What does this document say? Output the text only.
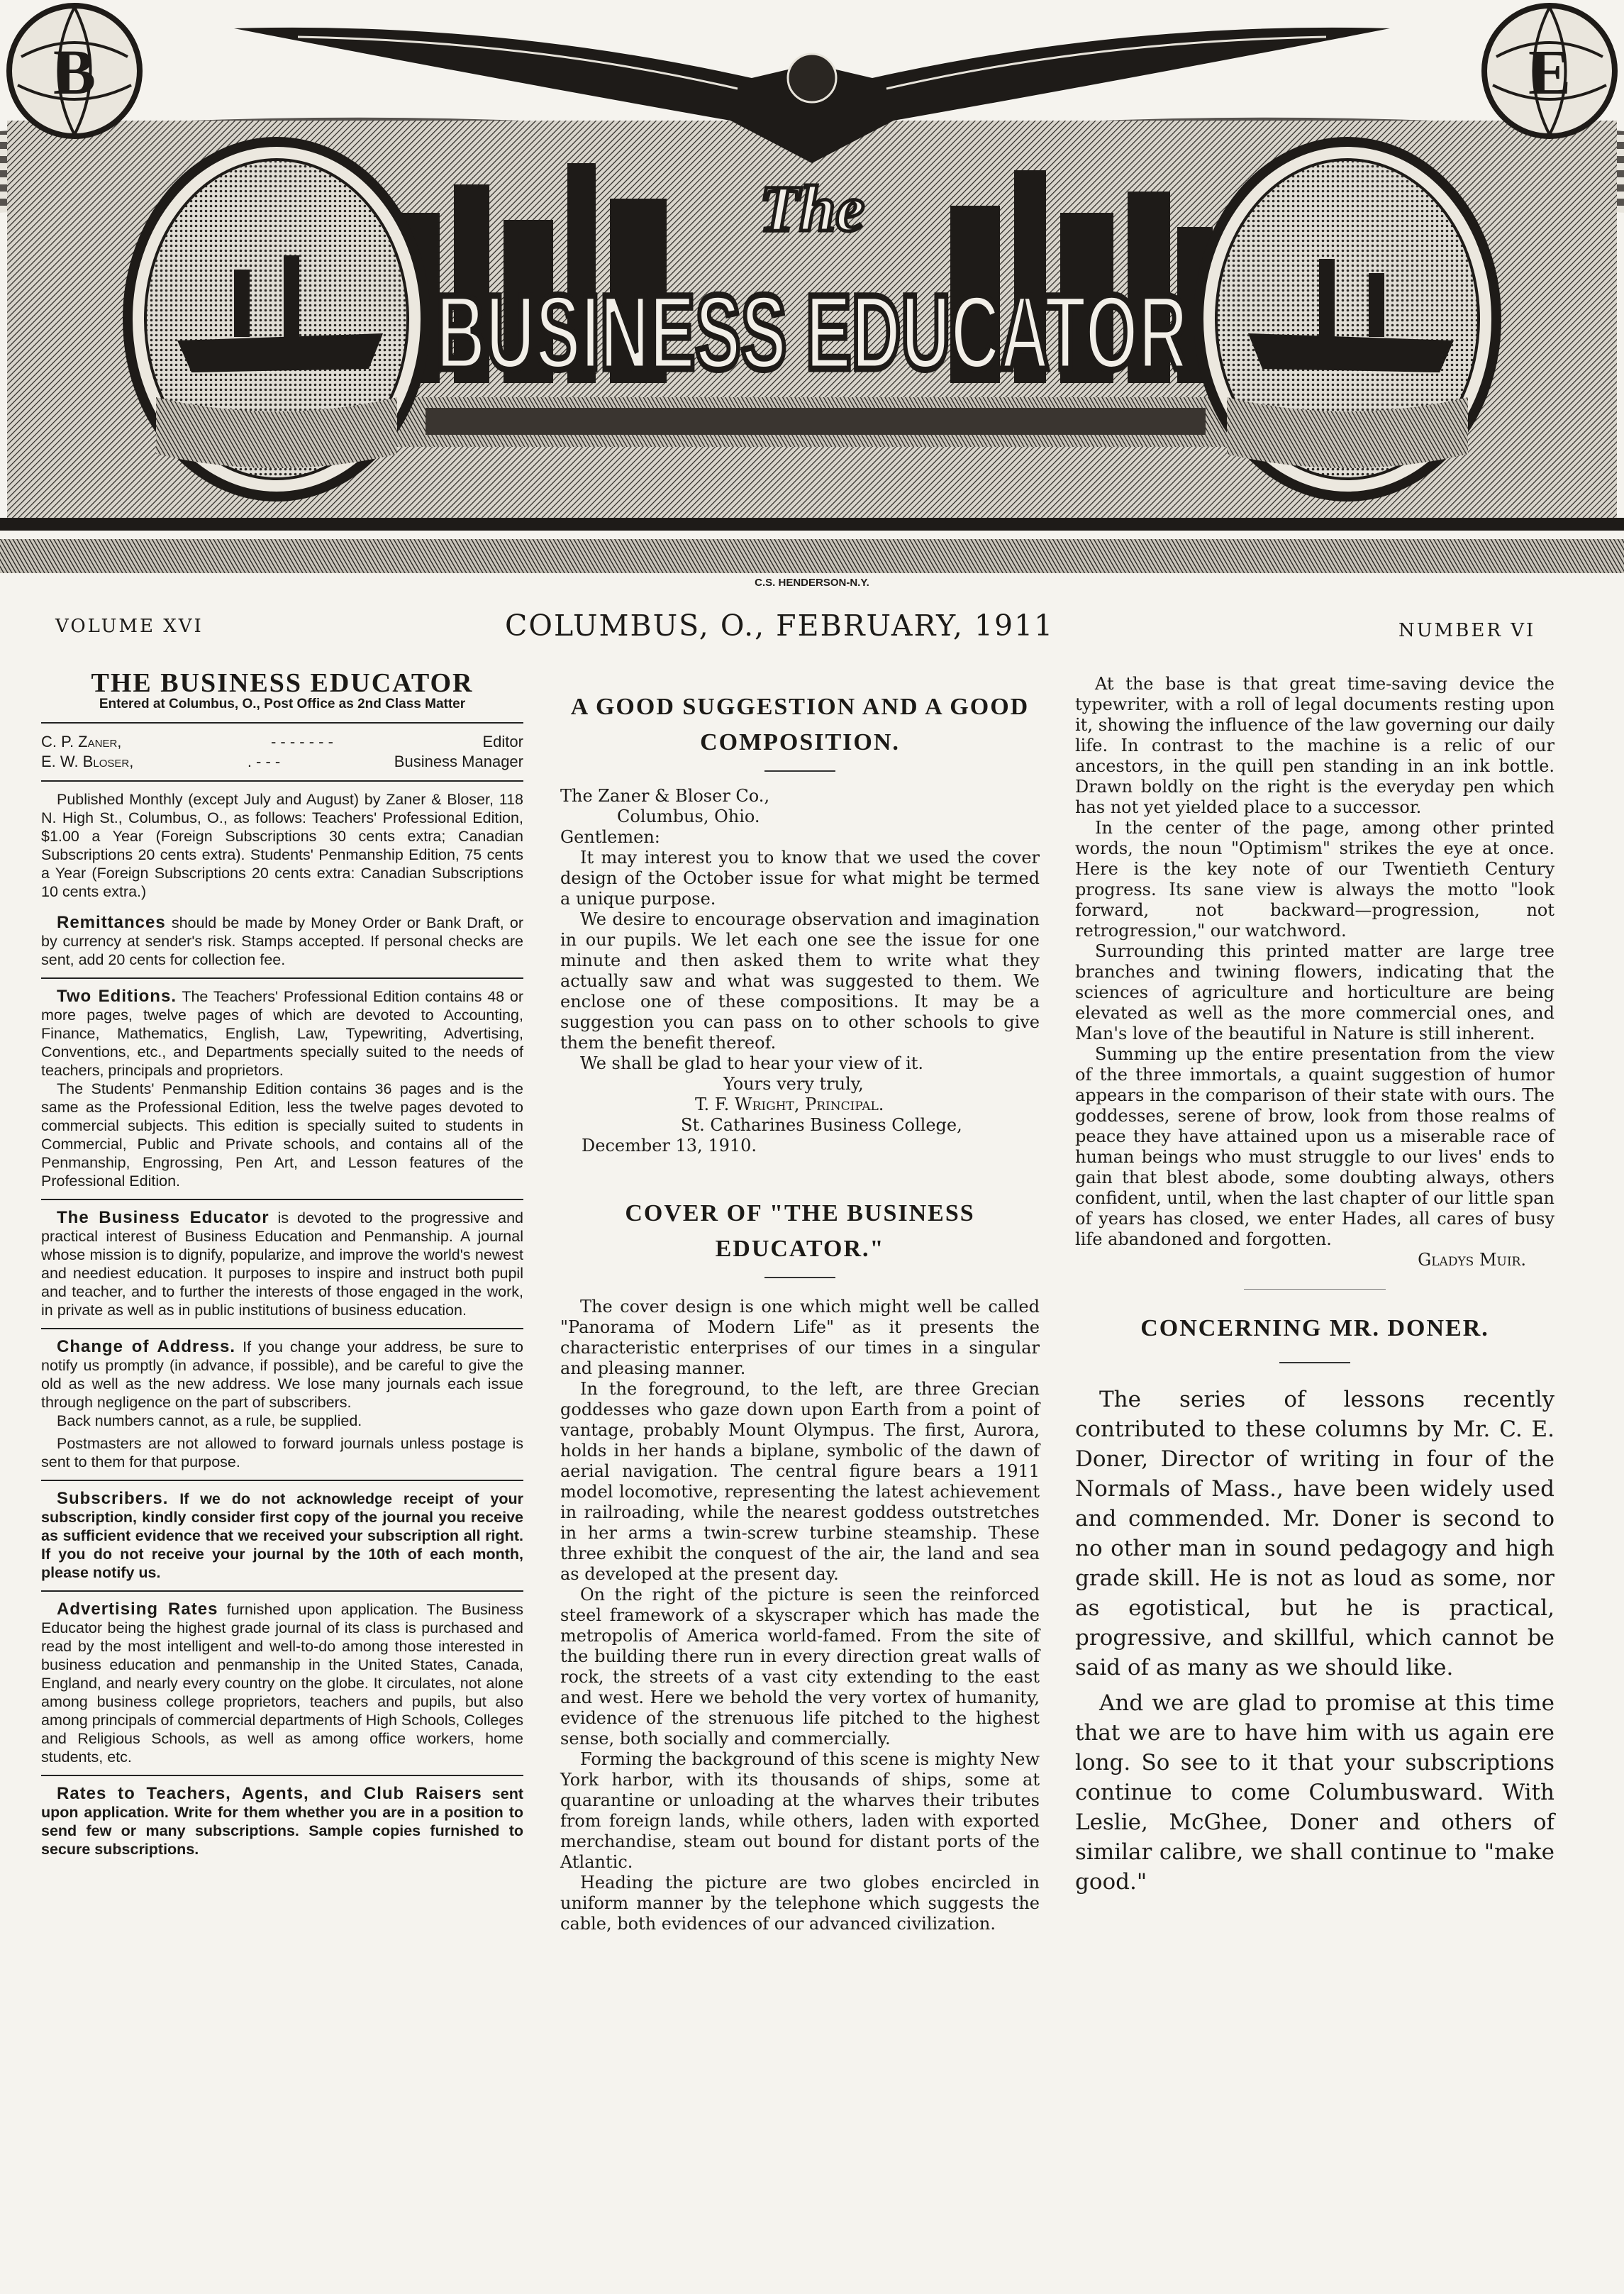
B	E
The
BUSINESS EDUCATOR
C.S. HENDERSON-N.Y.
VOLUME XVI	COLUMBUS, O., FEBRUARY, 1911	NUMBER VI
THE BUSINESS EDUCATOR
Entered at Columbus, O., Post Office as 2nd Class Matter
C. P. Zaner,	- - - - - - -	Editor
E. W. Bloser,	. - - -	Business Manager

Published Monthly (except July and August) by Zaner & Bloser, 118 N. High St., Columbus, O., as follows: Teachers' Professional Edition, $1.00 a Year (Foreign Subscriptions 30 cents extra; Canadian Subscriptions 20 cents extra). Students' Penmanship Edition, 75 cents a Year (Foreign Subscriptions 20 cents extra: Canadian Subscriptions 10 cents extra.)

Remittances should be made by Money Order or Bank Draft, or by currency at sender's risk. Stamps accepted. If personal checks are sent, add 20 cents for collection fee.

Two Editions. The Teachers' Professional Edition contains 48 or more pages, twelve pages of which are devoted to Accounting, Finance, Mathematics, English, Law, Typewriting, Advertising, Conventions, etc., and Departments specially suited to the needs of teachers, principals and proprietors.

The Students' Penmanship Edition contains 36 pages and is the same as the Professional Edition, less the twelve pages devoted to commercial subjects. This edition is specially suited to students in Commercial, Public and Private schools, and contains all of the Penmanship, Engrossing, Pen Art, and Lesson features of the Professional Edition.

The Business Educator is devoted to the progressive and practical interest of Business Education and Penmanship. A journal whose mission is to dignify, popularize, and improve the world's newest and neediest education. It purposes to inspire and instruct both pupil and teacher, and to further the interests of those engaged in the work, in private as well as in public institutions of business education.

Change of Address. If you change your address, be sure to notify us promptly (in advance, if possible), and be careful to give the old as well as the new address. We lose many journals each issue through negligence on the part of subscribers.

Back numbers cannot, as a rule, be supplied.

Postmasters are not allowed to forward journals unless postage is sent to them for that purpose.

Subscribers. If we do not acknowledge receipt of your subscription, kindly consider first copy of the journal you receive as sufficient evidence that we received your subscription all right. If you do not receive your journal by the 10th of each month, please notify us.

Advertising Rates furnished upon application. The Business Educator being the highest grade journal of its class is purchased and read by the most intelligent and well-to-do among those interested in business education and penmanship in the United States, Canada, England, and nearly every country on the globe. It circulates, not alone among business college proprietors, teachers and pupils, but also among principals of commercial departments of High Schools, Colleges and Religious Schools, as well as among office workers, home students, etc.

Rates to Teachers, Agents, and Club Raisers sent upon application. Write for them whether you are in a position to send few or many subscriptions. Sample copies furnished to secure subscriptions.

A GOOD SUGGESTION AND A GOOD COMPOSITION.
The Zaner & Bloser Co.,
Columbus, Ohio.
Gentlemen:

It may interest you to know that we used the cover design of the October issue for what might be termed a unique purpose.

We desire to encourage observation and imagination in our pupils. We let each one see the issue for one minute and then asked them to write what they actually saw and what was suggested to them. We enclose one of these compositions. It may be a suggestion you can pass on to other schools to give them the benefit thereof.

We shall be glad to hear your view of it.

Yours very truly,
T. F. Wright, Principal.
St. Catharines Business College,
December 13, 1910.
COVER OF "THE BUSINESS EDUCATOR."

The cover design is one which might well be called "Panorama of Modern Life" as it presents the characteristic enterprises of our times in a singular and pleasing manner.

In the foreground, to the left, are three Grecian goddesses who gaze down upon Earth from a point of vantage, probably Mount Olympus. The first, Aurora, holds in her hands a biplane, symbolic of the dawn of aerial navigation. The central figure bears a 1911 model locomotive, representing the latest achievement in railroading, while the nearest goddess outstretches in her arms a twin-screw turbine steamship. These three exhibit the conquest of the air, the land and sea as developed at the present day.

On the right of the picture is seen the reinforced steel framework of a skyscraper which has made the metropolis of America world-famed. From the site of the building there run in every direction great walls of rock, the streets of a vast city extending to the east and west. Here we behold the very vortex of humanity, evidence of the strenuous life pitched to the highest sense, both socially and commercially.

Forming the background of this scene is mighty New York harbor, with its thousands of ships, some at quarantine or unloading at the wharves their tributes from foreign lands, while others, laden with exported merchandise, steam out bound for distant ports of the Atlantic.

Heading the picture are two globes encircled in uniform manner by the telephone which suggests the cable, both evidences of our advanced civilization.

At the base is that great time-saving device the typewriter, with a roll of legal documents resting upon it, showing the influence of the law governing our daily life. In contrast to the machine is a relic of our ancestors, in the quill pen standing in an ink bottle. Drawn boldly on the right is the everyday pen which has not yet yielded place to a successor.

In the center of the page, among other printed words, the noun "Optimism" strikes the eye at once. Here is the key note of our Twentieth Century progress. Its sane view is always the motto "look forward, not backward—progression, not retrogression," our watchword.

Surrounding this printed matter are large tree branches and twining flowers, indicating that the sciences of agriculture and horticulture are being elevated as well as the more commercial ones, and Man's love of the beautiful in Nature is still inherent.

Summing up the entire presentation from the view of the three immortals, a quaint suggestion of humor appears in the comparison of their state with ours. The goddesses, serene of brow, look from those realms of peace they have attained upon us a miserable race of human beings who must struggle to our lives' ends to gain that blest abode, some doubting always, others confident, until, when the last chapter of our little span of years has closed, we enter Hades, all cares of busy life abandoned and forgotten.

Gladys Muir.
CONCERNING MR. DONER.

The series of lessons recently contributed to these columns by Mr. C. E. Doner, Director of writing in four of the Normals of Mass., have been widely used and commended. Mr. Doner is second to no other man in sound pedagogy and high grade skill. He is not as loud as some, nor as egotistical, but he is practical, progressive, and skillful, which cannot be said of as many as we should like.

And we are glad to promise at this time that we are to have him with us again ere long. So see to it that your subscriptions continue to come Columbusward. With Leslie, McGhee, Doner and others of similar calibre, we shall continue to "make good."
